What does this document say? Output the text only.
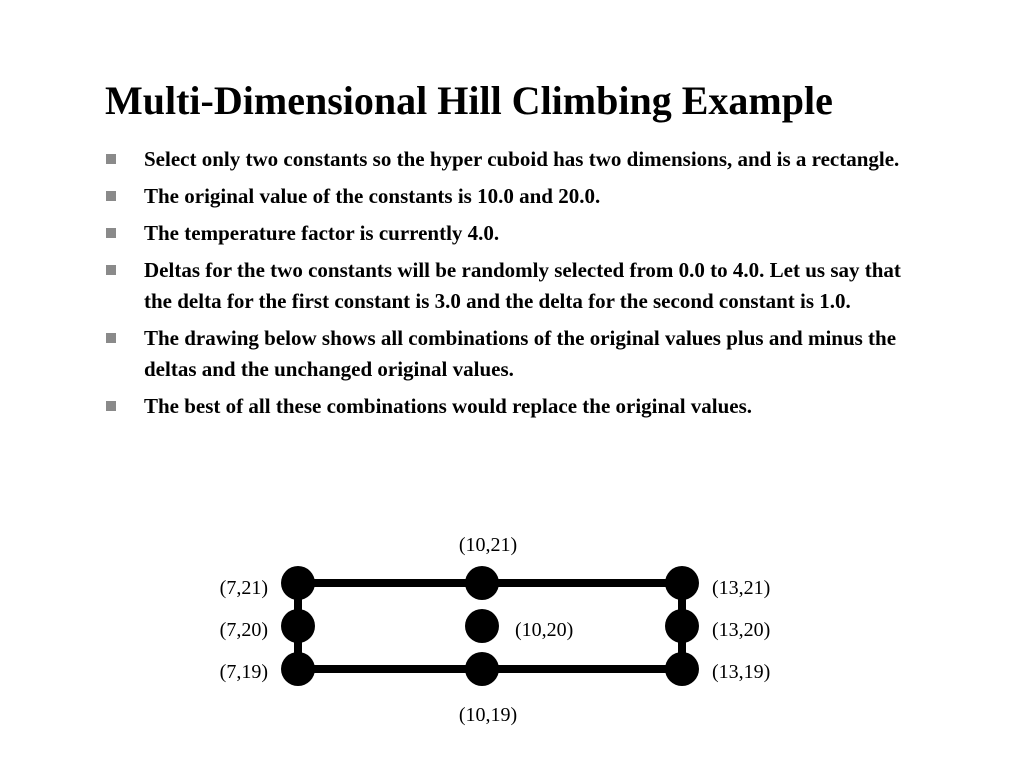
Multi-Dimensional Hill Climbing Example
Select only two constants so the hyper cuboid has two dimensions, and is a rectangle.
The original value of the constants is 10.0 and 20.0.
The temperature factor is currently 4.0.
Deltas for the two constants will be randomly selected from 0.0 to 4.0. Let us say that the delta for the first constant is 3.0 and the delta for the second constant is 1.0.
The drawing below shows all combinations of the original values plus and minus the deltas and the unchanged original values.
The best of all these combinations would replace the original values.
(10,21)
(7,21)	(13,21)
(7,20)	(10,20)	(13,20)
(7,19)	(13,19)
(10,19)
